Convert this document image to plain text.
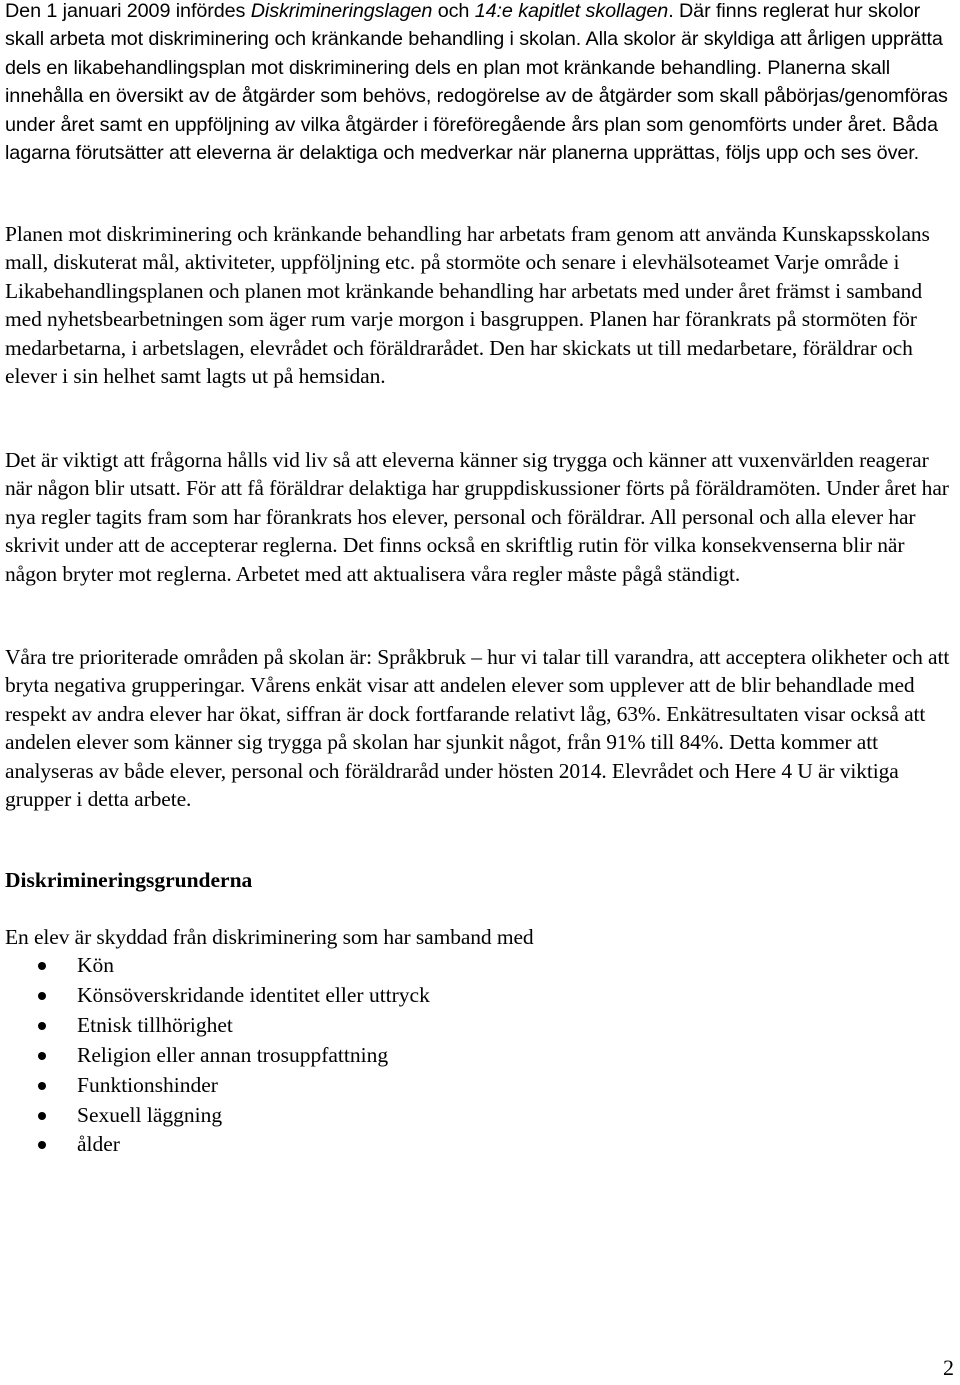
Den 1 januari 2009 infördes Diskrimineringslagen och 14:e kapitlet skollagen. Där finns reglerat hur skolor skall arbeta mot diskriminering och kränkande behandling i skolan. Alla skolor är skyldiga att årligen upprätta dels en likabehandlingsplan mot diskriminering dels en plan mot kränkande behandling. Planerna skall innehålla en översikt av de åtgärder som behövs, redogörelse av de åtgärder som skall påbörjas/genomföras under året samt en uppföljning av vilka åtgärder i föreföregående års plan som genomförts under året. Båda lagarna förutsätter att eleverna är delaktiga och medverkar när planerna upprättas, följs upp och ses över.

Planen mot diskriminering och kränkande behandling har arbetats fram genom att använda Kunskapsskolans mall, diskuterat mål, aktiviteter, uppföljning etc. på stormöte och senare i elevhälsoteamet Varje område i Likabehandlingsplanen och planen mot kränkande behandling har arbetats med under året främst i samband med nyhetsbearbetningen som äger rum varje morgon i basgruppen. Planen har förankrats på stormöten för medarbetarna, i arbetslagen, elevrådet och föräldrarådet. Den har skickats ut till medarbetare, föräldrar och elever i sin helhet samt lagts ut på hemsidan.

Det är viktigt att frågorna hålls vid liv så att eleverna känner sig trygga och känner att vuxenvärlden reagerar när någon blir utsatt. För att få föräldrar delaktiga har gruppdiskussioner förts på föräldramöten. Under året har nya regler tagits fram som har förankrats hos elever, personal och föräldrar. All personal och alla elever har skrivit under att de accepterar reglerna. Det finns också en skriftlig rutin för vilka konsekvenserna blir när någon bryter mot reglerna. Arbetet med att aktualisera våra regler måste pågå ständigt.

Våra tre prioriterade områden på skolan är: Språkbruk – hur vi talar till varandra, att acceptera olikheter och att bryta negativa grupperingar. Vårens enkät visar att andelen elever som upplever att de blir behandlade med respekt av andra elever har ökat, siffran är dock fortfarande relativt låg, 63%. Enkätresultaten visar också att andelen elever som känner sig trygga på skolan har sjunkit något, från 91% till 84%. Detta kommer att analyseras av både elever, personal och föräldraråd under hösten 2014. Elevrådet och Here 4 U är viktiga grupper i detta arbete.

Diskrimineringsgrunderna

En elev är skyddad från diskriminering som har samband med

Kön
Könsöverskridande identitet eller uttryck
Etnisk tillhörighet
Religion eller annan trosuppfattning
Funktionshinder
Sexuell läggning
ålder
2
